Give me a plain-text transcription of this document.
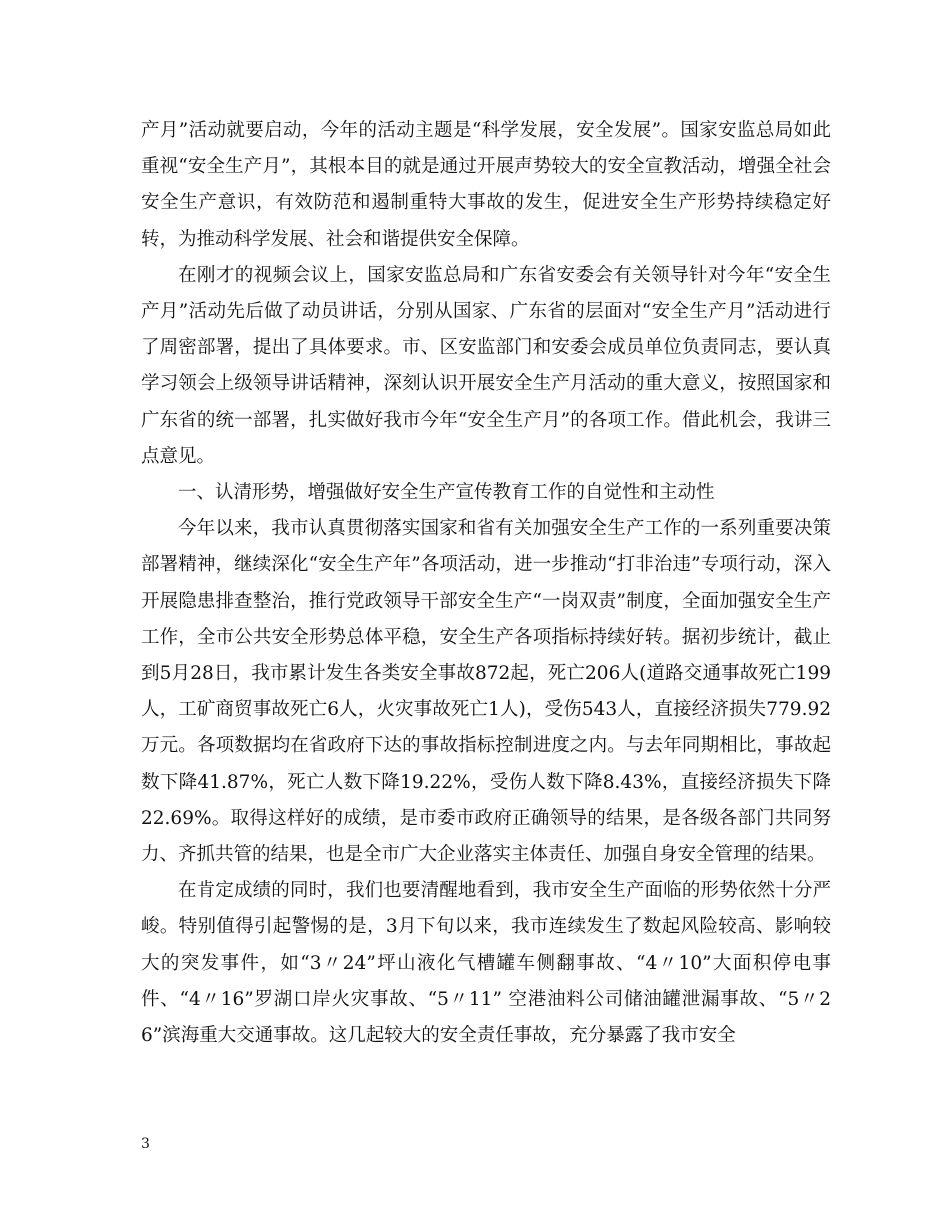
产月”活动就要启动，今年的活动主题是“科学发展，安全发展”。国家安监总局如此重视“安全生产月”，其根本目的就是通过开展声势较大的安全宣教活动，增强全社会安全生产意识，有效防范和遏制重特大事故的发生，促进安全生产形势持续稳定好转，为推动科学发展、社会和谐提供安全保障。

在刚才的视频会议上，国家安监总局和广东省安委会有关领导针对今年“安全生产月”活动先后做了动员讲话，分别从国家、广东省的层面对“安全生产月”活动进行了周密部署，提出了具体要求。市、区安监部门和安委会成员单位负责同志，要认真学习领会上级领导讲话精神，深刻认识开展安全生产月活动的重大意义，按照国家和广东省的统一部署，扎实做好我市今年“安全生产月”的各项工作。借此机会，我讲三点意见。

一、认清形势，增强做好安全生产宣传教育工作的自觉性和主动性

今年以来，我市认真贯彻落实国家和省有关加强安全生产工作的一系列重要决策部署精神，继续深化“安全生产年”各项活动，进一步推动“打非治违”专项行动，深入开展隐患排查整治，推行党政领导干部安全生产“一岗双责”制度，全面加强安全生产工作，全市公共安全形势总体平稳，安全生产各项指标持续好转。据初步统计，截止到5月28日，我市累计发生各类安全事故872起，死亡206人(道路交通事故死亡199人，工矿商贸事故死亡6人，火灾事故死亡1人)，受伤543人，直接经济损失779.92万元。各项数据均在省政府下达的事故指标控制进度之内。与去年同期相比，事故起数下降41.87%，死亡人数下降19.22%，受伤人数下降8.43%，直接经济损失下降22.69%。取得这样好的成绩，是市委市政府正确领导的结果，是各级各部门共同努力、齐抓共管的结果，也是全市广大企业落实主体责任、加强自身安全管理的结果。

在肯定成绩的同时，我们也要清醒地看到，我市安全生产面临的形势依然十分严峻。特别值得引起警惕的是，3月下旬以来，我市连续发生了数起风险较高、影响较大的突发事件，如“3〃24”坪山液化气槽罐车侧翻事故、“4〃10”大面积停电事件、“4〃16”罗湖口岸火灾事故、“5〃11” 空港油料公司储油罐泄漏事故、“5〃26”滨海重大交通事故。这几起较大的安全责任事故，充分暴露了我市安全

3
